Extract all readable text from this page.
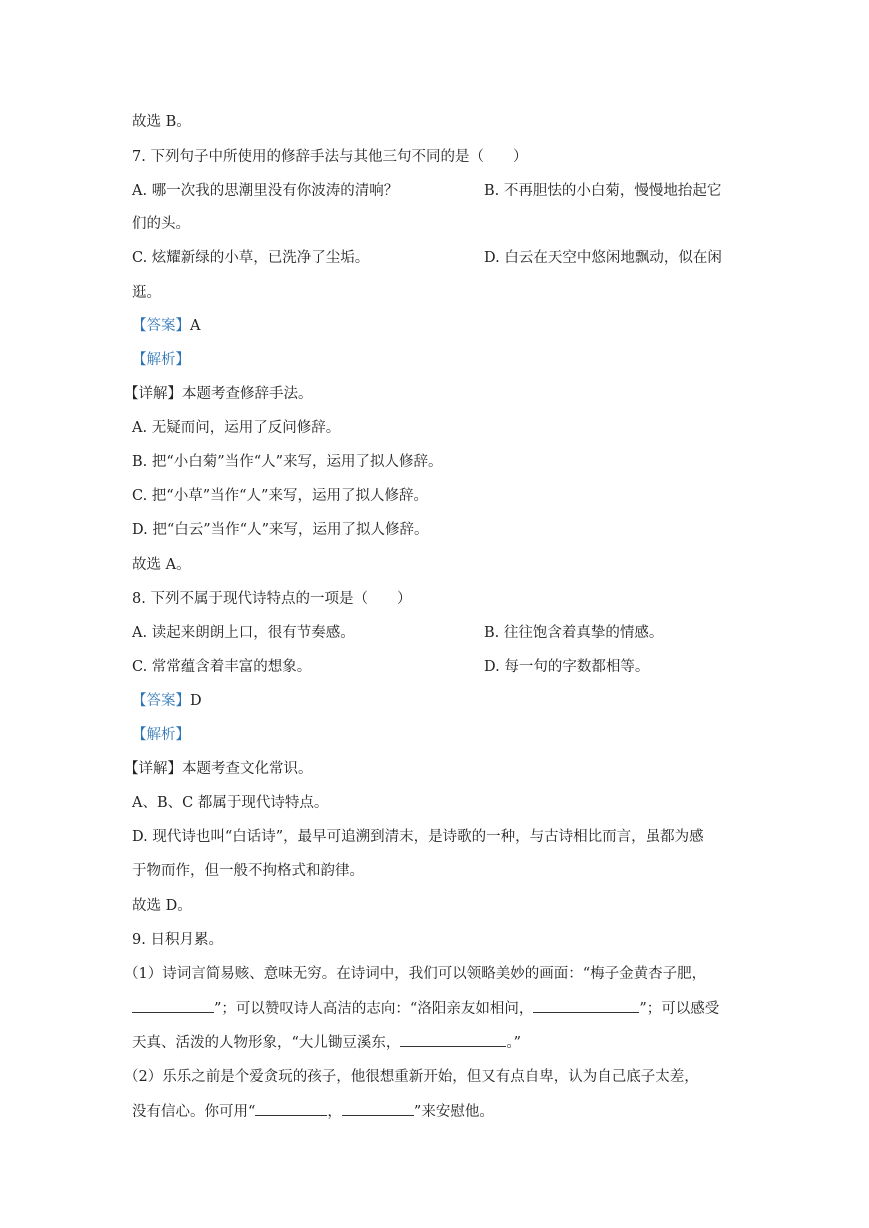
故选 B。
7. 下列句子中所使用的修辞手法与其他三句不同的是（　　）
A. 哪一次我的思潮里没有你波涛的清响？	B. 不再胆怯的小白菊，慢慢地抬起它
们的头。
C. 炫耀新绿的小草，已洗净了尘垢。	D. 白云在天空中悠闲地飘动，似在闲
逛。
【答案】A
【解析】
【详解】本题考查修辞手法。
A. 无疑而问，运用了反问修辞。
B. 把“小白菊”当作“人”来写，运用了拟人修辞。
C. 把“小草”当作“人”来写，运用了拟人修辞。
D. 把“白云”当作“人”来写，运用了拟人修辞。
故选 A。
8. 下列不属于现代诗特点的一项是（　　）
A. 读起来朗朗上口，很有节奏感。	B. 往往饱含着真挚的情感。
C. 常常蕴含着丰富的想象。	D. 每一句的字数都相等。
【答案】D
【解析】
【详解】本题考查文化常识。
A、B、C 都属于现代诗特点。
D. 现代诗也叫“白话诗”，最早可追溯到清末，是诗歌的一种，与古诗相比而言，虽都为感
于物而作，但一般不拘格式和韵律。
故选 D。
9. 日积月累。
（1）诗词言简易赅、意味无穷。在诗词中，我们可以领略美妙的画面：“梅子金黄杏子肥，
”；可以赞叹诗人高洁的志向：“洛阳亲友如相问，	”；可以感受
天真、活泼的人物形象，“大儿锄豆溪东，	。”
（2）乐乐之前是个爱贪玩的孩子，他很想重新开始，但又有点自卑，认为自己底子太差，
没有信心。你可用“	，	”来安慰他。
